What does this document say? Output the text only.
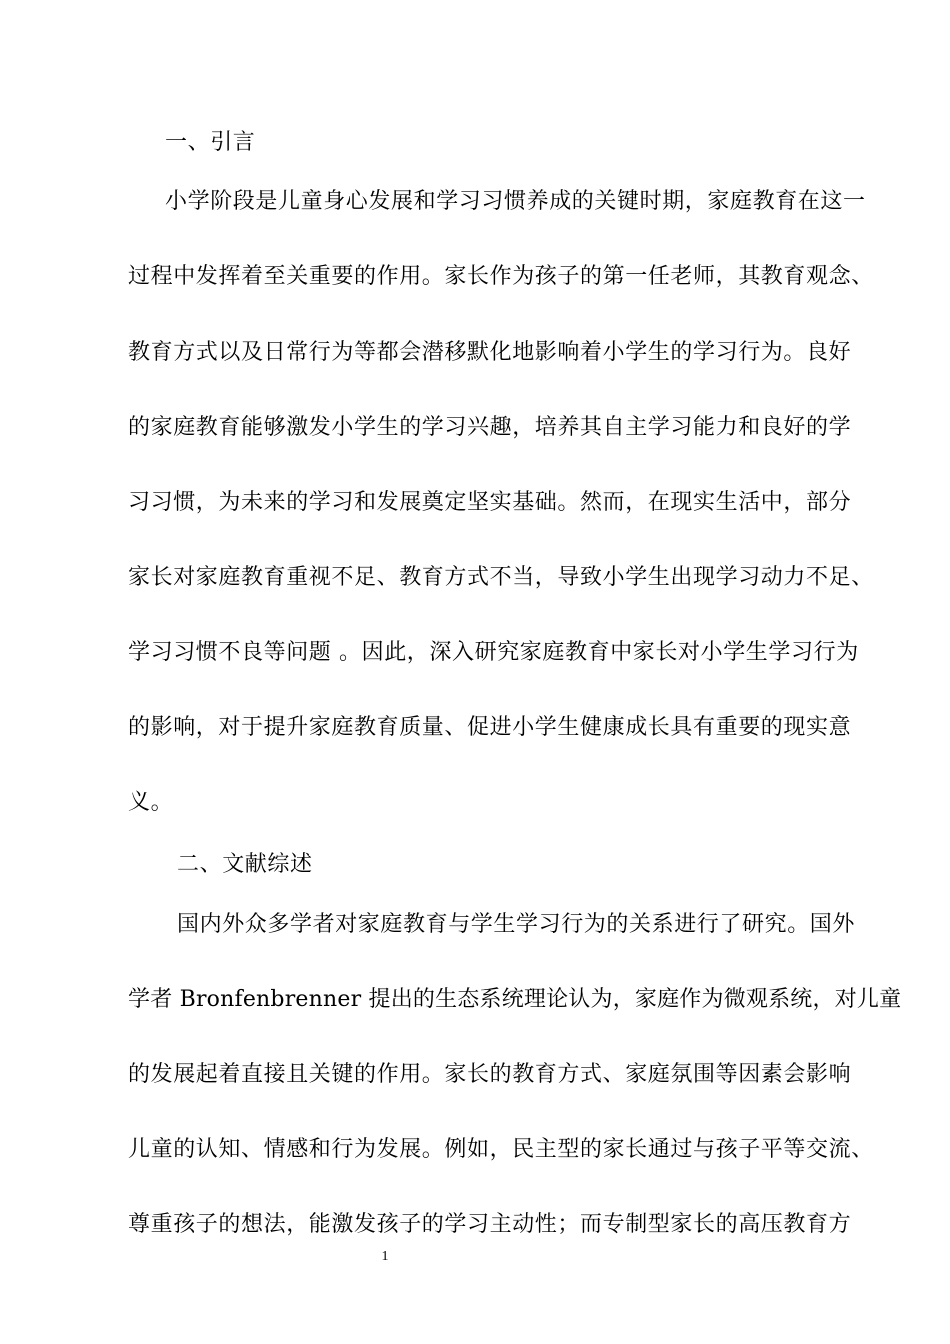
一、引言
小学阶段是儿童身心发展和学习习惯养成的关键时期，家庭教育在这一
过程中发挥着至关重要的作用。家长作为孩子的第一任老师，其教育观念、
教育方式以及日常行为等都会潜移默化地影响着小学生的学习行为。良好
的家庭教育能够激发小学生的学习兴趣，培养其自主学习能力和良好的学
习习惯，为未来的学习和发展奠定坚实基础。然而，在现实生活中，部分
家长对家庭教育重视不足、教育方式不当，导致小学生出现学习动力不足、
学习习惯不良等问题 。因此，深入研究家庭教育中家长对小学生学习行为
的影响，对于提升家庭教育质量、促进小学生健康成长具有重要的现实意
义。
二、文献综述
国内外众多学者对家庭教育与学生学习行为的关系进行了研究。国外
学者 Bronfenbrenner 提出的生态系统理论认为，家庭作为微观系统，对儿童
的发展起着直接且关键的作用。家长的教育方式、家庭氛围等因素会影响
儿童的认知、情感和行为发展。例如，民主型的家长通过与孩子平等交流、
尊重孩子的想法，能激发孩子的学习主动性；而专制型家长的高压教育方
1
